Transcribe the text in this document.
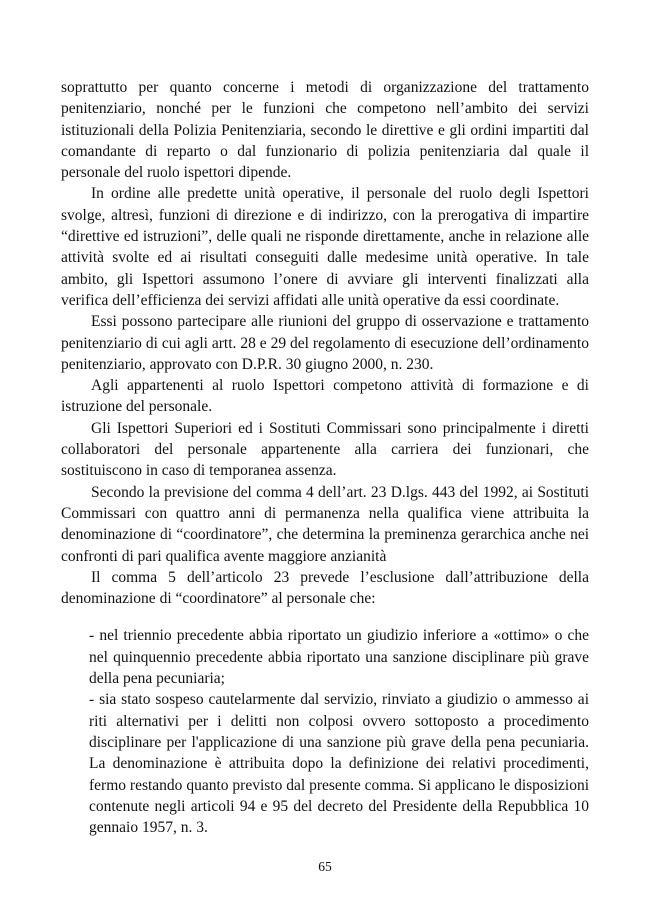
soprattutto per quanto concerne i metodi di organizzazione del trattamento penitenziario, nonché per le funzioni che competono nell’ambito dei servizi istituzionali della Polizia Penitenziaria, secondo le direttive e gli ordini impartiti dal comandante di reparto o dal funzionario di polizia penitenziaria dal quale il personale del ruolo ispettori dipende.

In ordine alle predette unità operative, il personale del ruolo degli Ispettori svolge, altresì, funzioni di direzione e di indirizzo, con la prerogativa di impartire “direttive ed istruzioni”, delle quali ne risponde direttamente, anche in relazione alle attività svolte ed ai risultati conseguiti dalle medesime unità operative. In tale ambito, gli Ispettori assumono l’onere di avviare gli interventi finalizzati alla verifica dell’efficienza dei servizi affidati alle unità operative da essi coordinate.

Essi possono partecipare alle riunioni del gruppo di osservazione e trattamento penitenziario di cui agli artt. 28 e 29 del regolamento di esecuzione dell’ordinamento penitenziario, approvato con D.P.R. 30 giugno 2000, n. 230.

Agli appartenenti al ruolo Ispettori competono attività di formazione e di istruzione del personale.

Gli Ispettori Superiori ed i Sostituti Commissari sono principalmente i diretti collaboratori del personale appartenente alla carriera dei funzionari, che sostituiscono in caso di temporanea assenza.

Secondo la previsione del comma 4 dell’art. 23 D.lgs. 443 del 1992, ai Sostituti Commissari con quattro anni di permanenza nella qualifica viene attribuita la denominazione di “coordinatore”, che determina la preminenza gerarchica anche nei confronti di pari qualifica avente maggiore anzianità

Il comma 5 dell’articolo 23 prevede l’esclusione dall’attribuzione della denominazione di “coordinatore” al personale che:

- nel triennio precedente abbia riportato un giudizio inferiore a «ottimo» o che nel quinquennio precedente abbia riportato una sanzione disciplinare più grave della pena pecuniaria;

- sia stato sospeso cautelarmente dal servizio, rinviato a giudizio o ammesso ai riti alternativi per i delitti non colposi ovvero sottoposto a procedimento disciplinare per l'applicazione di una sanzione più grave della pena pecuniaria. La denominazione è attribuita dopo la definizione dei relativi procedimenti, fermo restando quanto previsto dal presente comma. Si applicano le disposizioni contenute negli articoli 94 e 95 del decreto del Presidente della Repubblica 10 gennaio 1957, n. 3.

65
